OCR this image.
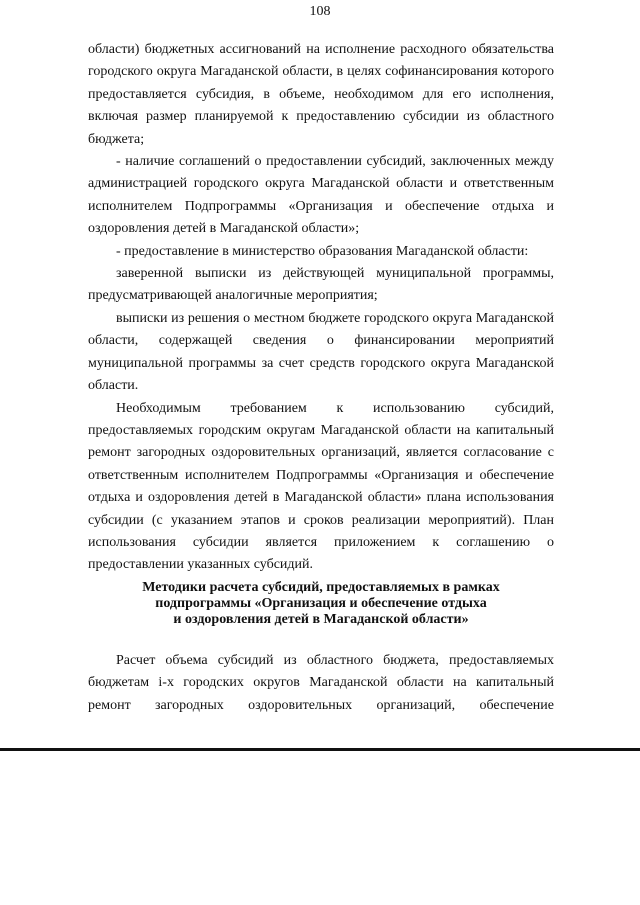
108

области) бюджетных ассигнований на исполнение расходного обязательства городского округа Магаданской области, в целях софинансирования которого предоставляется субсидия, в объеме, необходимом для его исполнения, включая размер планируемой к предоставлению субсидии из областного бюджета;

- наличие соглашений о предоставлении субсидий, заключенных между администрацией городского округа Магаданской области и ответственным исполнителем Подпрограммы «Организация и обеспечение отдыха и оздоровления детей в Магаданской области»;

- предоставление в министерство образования Магаданской области:

заверенной выписки из действующей муниципальной программы, предусматривающей аналогичные мероприятия;

выписки из решения о местном бюджете городского округа Магаданской области, содержащей сведения о финансировании мероприятий муниципальной программы за счет средств городского округа Магаданской области.

Необходимым требованием к использованию субсидий, предоставляемых городским округам Магаданской области на капитальный ремонт загородных оздоровительных организаций, является согласование с ответственным исполнителем Подпрограммы «Организация и обеспечение отдыха и оздоровления детей в Магаданской области» плана использования субсидии (с указанием этапов и сроков реализации мероприятий). План использования субсидии является приложением к соглашению о предоставлении указанных субсидий.

Методики расчета субсидий, предоставляемых в рамках
подпрограммы «Организация и обеспечение отдыха
и оздоровления детей в Магаданской области»

Расчет объема субсидий из областного бюджета, предоставляемых бюджетам i-х городских округов Магаданской области на капитальный ремонт загородных оздоровительных организаций, обеспечение
